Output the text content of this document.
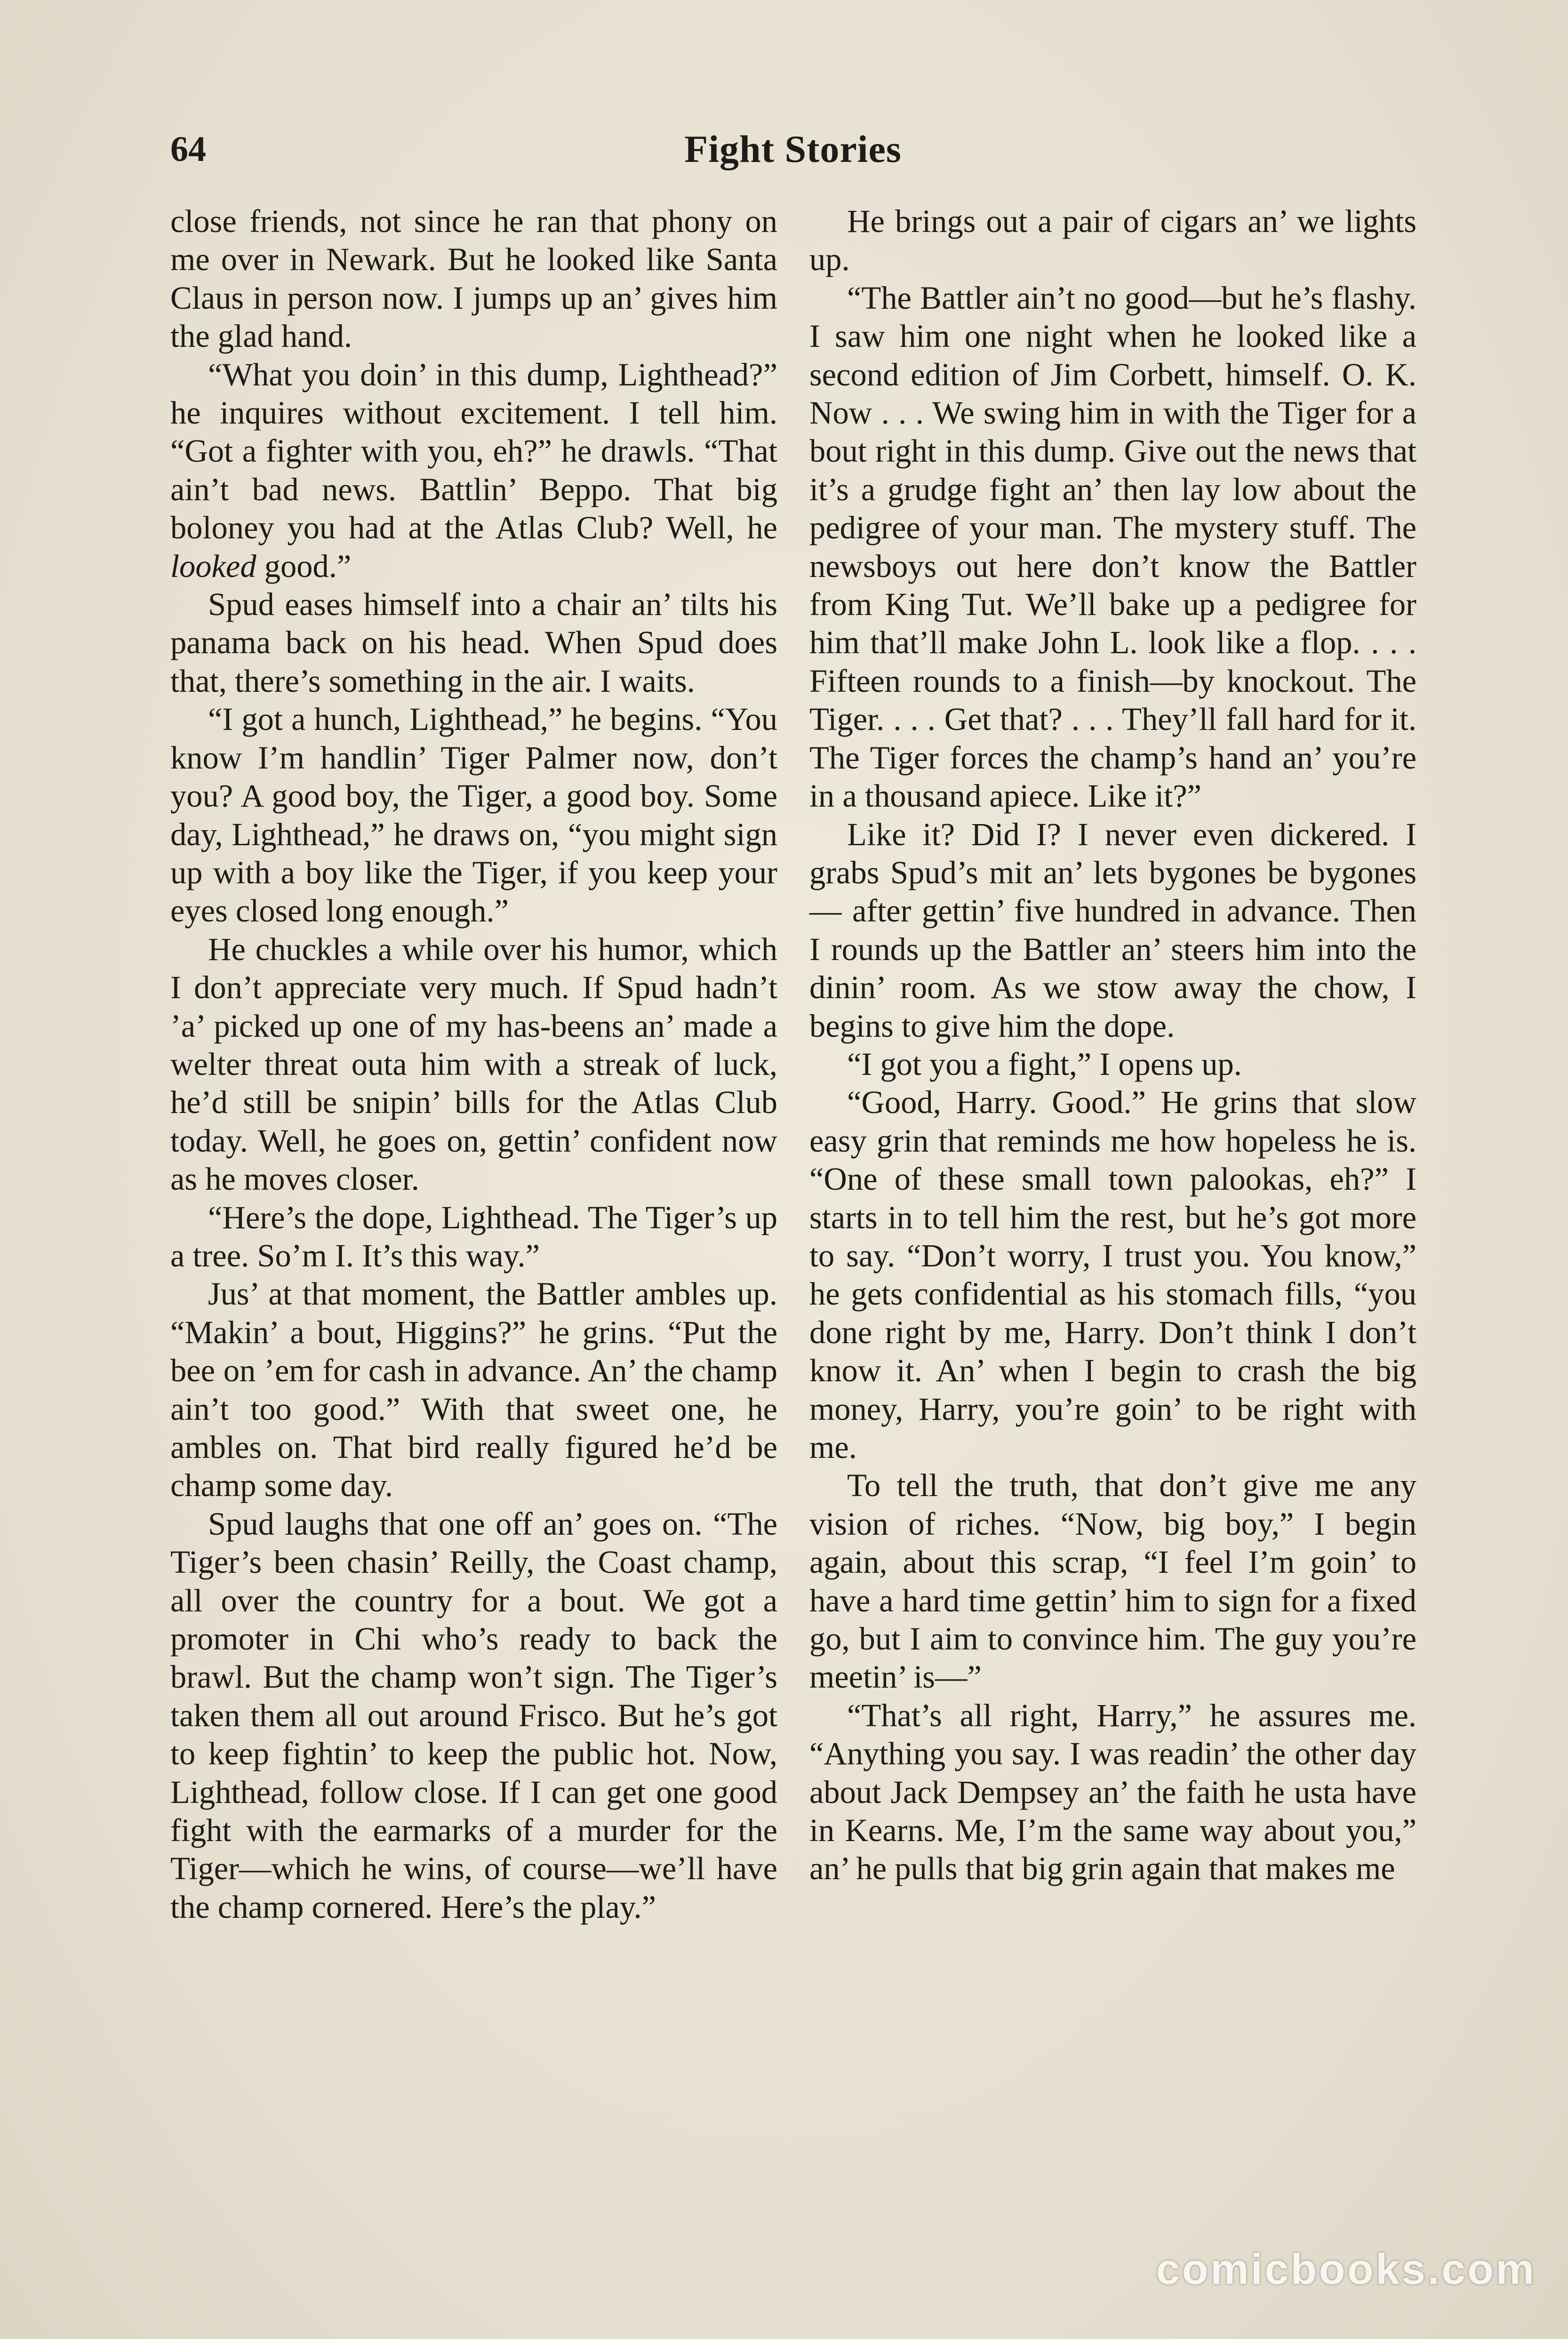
64	Fight Stories

close friends, not since he ran that phony on me over in Newark. But he looked like Santa Claus in person now. I jumps up an’ gives him the glad hand.

“What you doin’ in this dump, Lighthead?” he inquires without excitement. I tell him. “Got a fighter with you, eh?” he drawls. “That ain’t bad news. Battlin’ Beppo. That big boloney you had at the Atlas Club? Well, he looked good.”

Spud eases himself into a chair an’ tilts his panama back on his head. When Spud does that, there’s something in the air. I waits.

“I got a hunch, Lighthead,” he begins. “You know I’m handlin’ Tiger Palmer now, don’t you? A good boy, the Tiger, a good boy. Some day, Lighthead,” he draws on, “you might sign up with a boy like the Tiger, if you keep your eyes closed long enough.”

He chuckles a while over his humor, which I don’t appreciate very much. If Spud hadn’t ’a’ picked up one of my has-beens an’ made a welter threat outa him with a streak of luck, he’d still be snipin’ bills for the Atlas Club today. Well, he goes on, gettin’ confident now as he moves closer.

“Here’s the dope, Lighthead. The Tiger’s up a tree. So’m I. It’s this way.”

Jus’ at that moment, the Battler ambles up. “Makin’ a bout, Higgins?” he grins. “Put the bee on ’em for cash in advance. An’ the champ ain’t too good.” With that sweet one, he ambles on. That bird really figured he’d be champ some day.

Spud laughs that one off an’ goes on. “The Tiger’s been chasin’ Reilly, the Coast champ, all over the country for a bout. We got a promoter in Chi who’s ready to back the brawl. But the champ won’t sign. The Tiger’s taken them all out around Frisco. But he’s got to keep fightin’ to keep the public hot. Now, Lighthead, follow close. If I can get one good fight with the earmarks of a murder for the Tiger—which he wins, of course—we’ll have the champ cornered. Here’s the play.”

He brings out a pair of cigars an’ we lights up.

“The Battler ain’t no good—but he’s flashy. I saw him one night when he looked like a second edition of Jim Corbett, himself. O. K. Now . . . We swing him in with the Tiger for a bout right in this dump. Give out the news that it’s a grudge fight an’ then lay low about the pedigree of your man. The mystery stuff. The newsboys out here don’t know the Battler from King Tut. We’ll bake up a pedigree for him that’ll make John L. look like a flop. . . . Fifteen rounds to a finish—by knockout. The Tiger. . . . Get that? . . . They’ll fall hard for it. The Tiger forces the champ’s hand an’ you’re in a thousand apiece. Like it?”

Like it? Did I? I never even dickered. I grabs Spud’s mit an’ lets bygones be bygones — after gettin’ five hundred in advance. Then I rounds up the Battler an’ steers him into the dinin’ room. As we stow away the chow, I begins to give him the dope.

“I got you a fight,” I opens up.

“Good, Harry. Good.” He grins that slow easy grin that reminds me how hopeless he is. “One of these small town palookas, eh?” I starts in to tell him the rest, but he’s got more to say. “Don’t worry, I trust you. You know,” he gets confidential as his stomach fills, “you done right by me, Harry. Don’t think I don’t know it. An’ when I begin to crash the big money, Harry, you’re goin’ to be right with me.

To tell the truth, that don’t give me any vision of riches. “Now, big boy,” I begin again, about this scrap, “I feel I’m goin’ to have a hard time gettin’ him to sign for a fixed go, but I aim to convince him. The guy you’re meetin’ is—”

“That’s all right, Harry,” he assures me. “Anything you say. I was readin’ the other day about Jack Dempsey an’ the faith he usta have in Kearns. Me, I’m the same way about you,” an’ he pulls that big grin again that makes me

comicbooks.com
